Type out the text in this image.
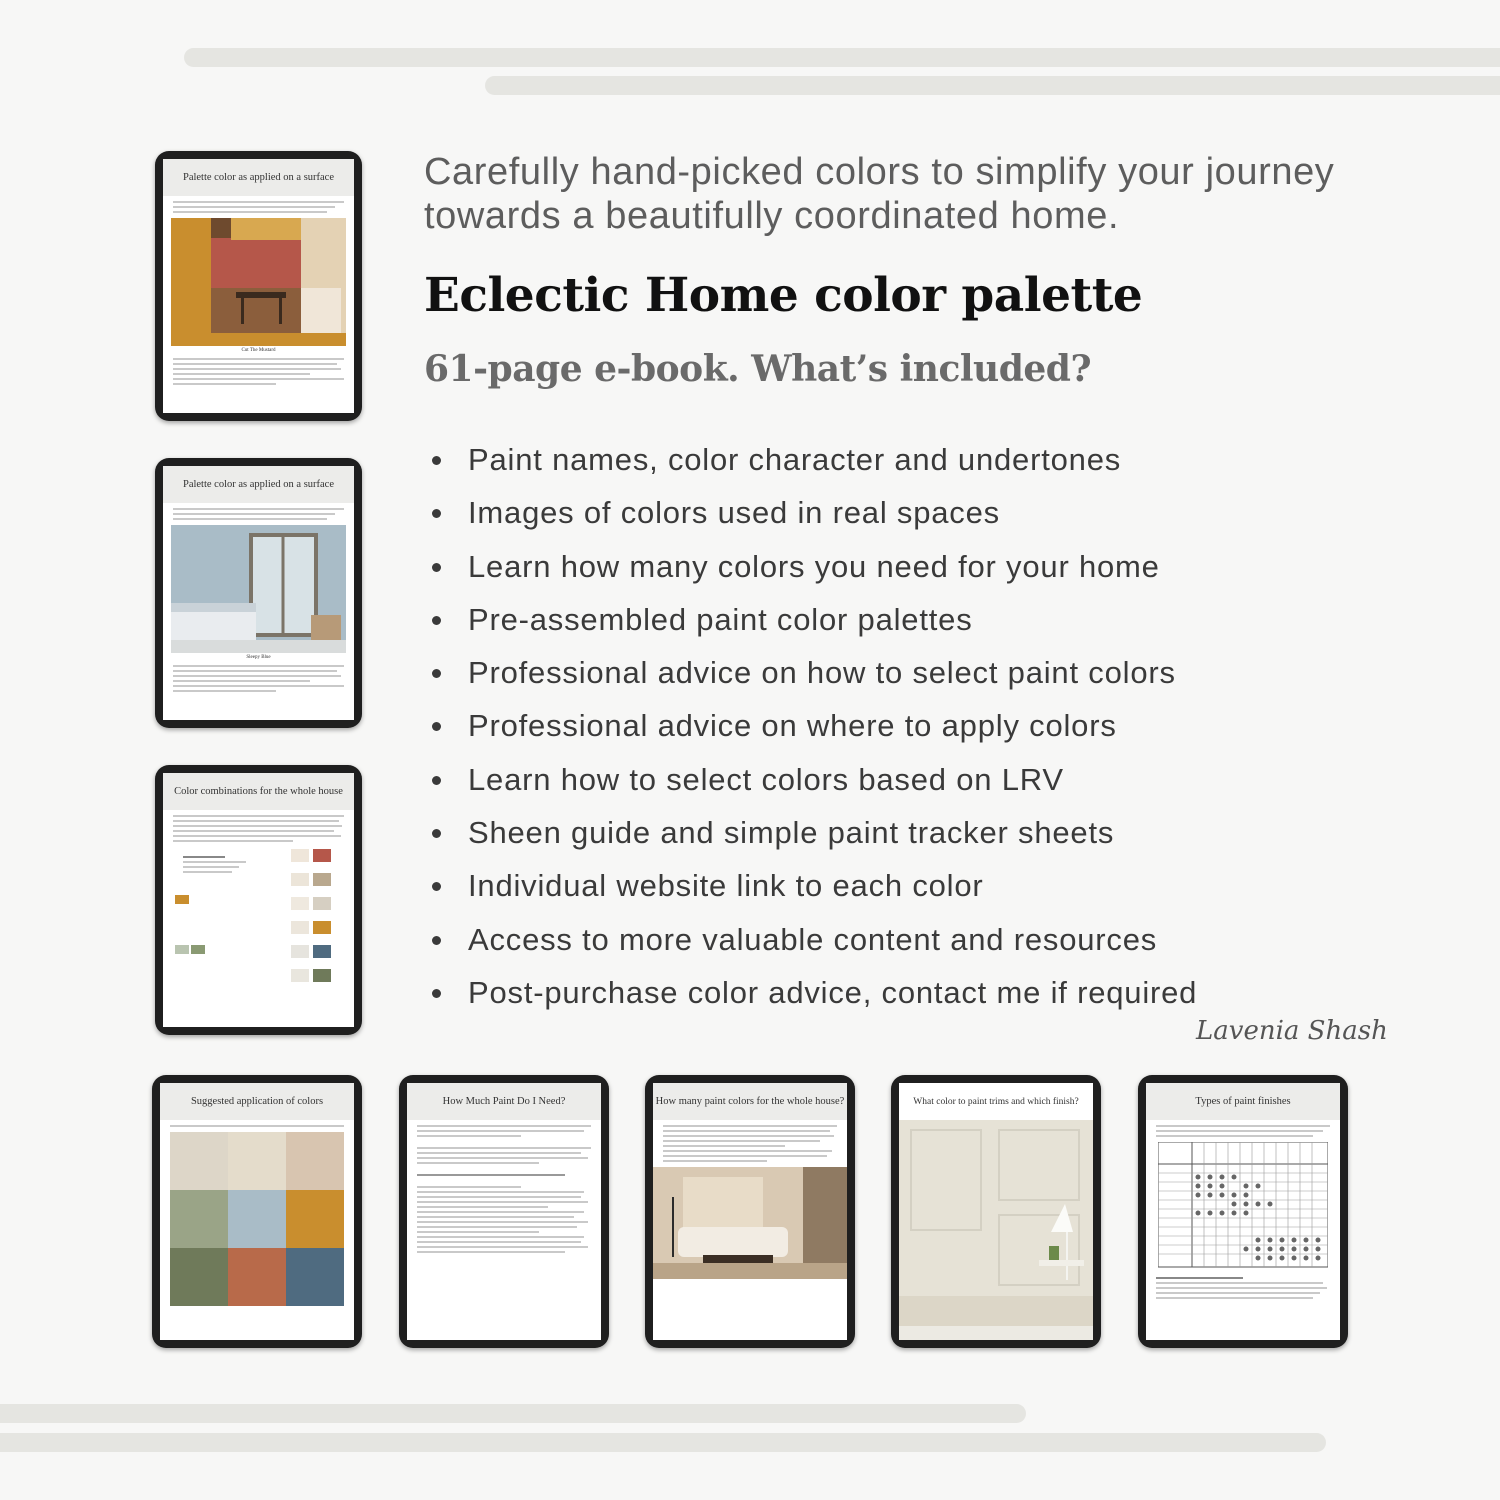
Palette color as applied on a surface
Cut The Mustard
Palette color as applied on a surface
Sleepy Blue
Color combinations for the whole house
Carefully hand-picked colors to simplify your journey towards a beautifully coordinated home.
Eclectic Home color palette
61-page e-book. What’s included?
Paint names, color character and undertones
Images of colors used in real spaces
Learn how many colors you need for your home
Pre-assembled paint color palettes
Professional advice on how to select paint colors
Professional advice on where to apply colors
Learn how to select colors based on LRV
Sheen guide and simple paint tracker sheets
Individual website link to each color
Access to more valuable content and resources
Post-purchase color advice, contact me if required
Lavenia Shash
Suggested application of colors	How Much Paint Do I Need?	How many paint colors for the whole house?	What color to paint trims and which finish?	Types of paint finishes
